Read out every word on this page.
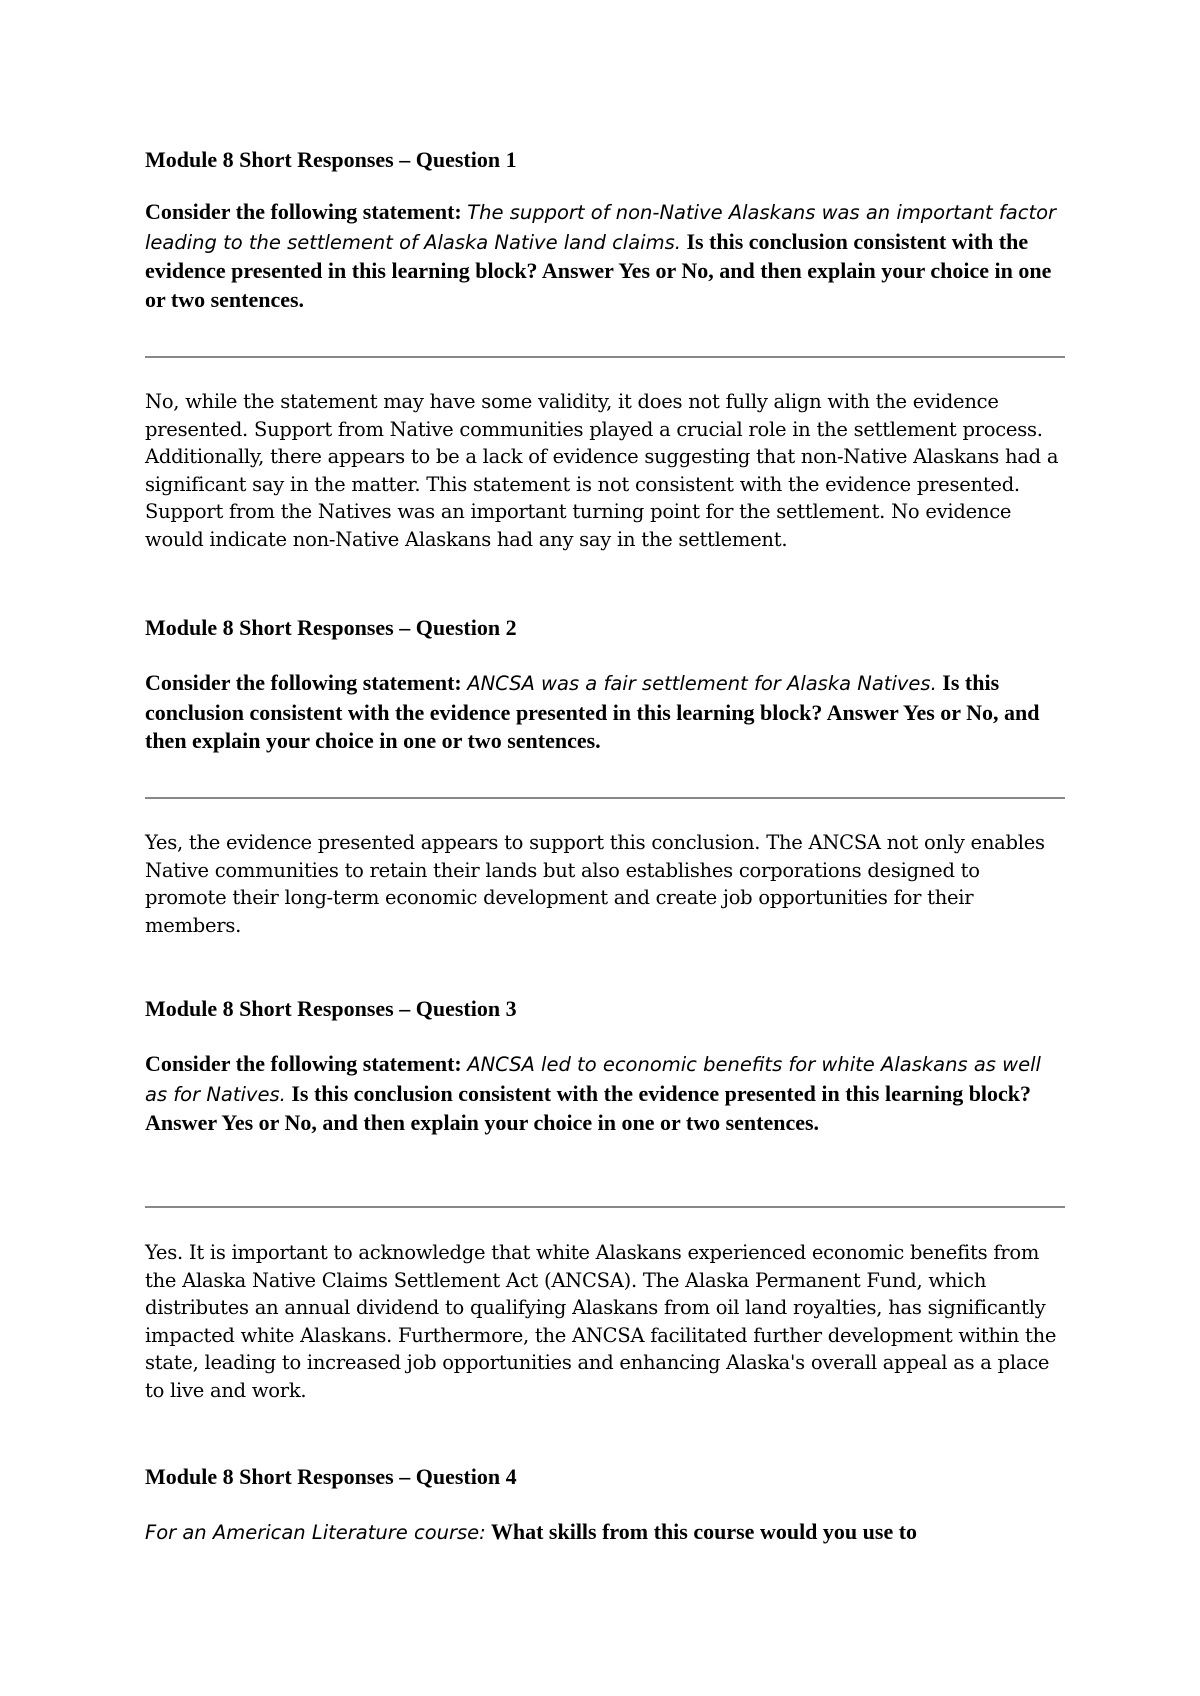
Module 8 Short Responses – Question 1
Consider the following statement: The support of non-Native Alaskans was an important factor leading to the settlement of Alaska Native land claims. Is this conclusion consistent with the evidence presented in this learning block? Answer Yes or No, and then explain your choice in one or two sentences.
No, while the statement may have some validity, it does not fully align with the evidence presented. Support from Native communities played a crucial role in the settlement process. Additionally, there appears to be a lack of evidence suggesting that non-Native Alaskans had a significant say in the matter. This statement is not consistent with the evidence presented. Support from the Natives was an important turning point for the settlement. No evidence would indicate non-Native Alaskans had any say in the settlement.
Module 8 Short Responses – Question 2
Consider the following statement: ANCSA was a fair settlement for Alaska Natives. Is this conclusion consistent with the evidence presented in this learning block? Answer Yes or No, and then explain your choice in one or two sentences.
Yes, the evidence presented appears to support this conclusion. The ANCSA not only enables Native communities to retain their lands but also establishes corporations designed to promote their long-term economic development and create job opportunities for their members.
Module 8 Short Responses – Question 3
Consider the following statement: ANCSA led to economic benefits for white Alaskans as well as for Natives. Is this conclusion consistent with the evidence presented in this learning block? Answer Yes or No, and then explain your choice in one or two sentences.
Yes. It is important to acknowledge that white Alaskans experienced economic benefits from the Alaska Native Claims Settlement Act (ANCSA). The Alaska Permanent Fund, which distributes an annual dividend to qualifying Alaskans from oil land royalties, has significantly impacted white Alaskans. Furthermore, the ANCSA facilitated further development within the state, leading to increased job opportunities and enhancing Alaska's overall appeal as a place to live and work.
Module 8 Short Responses – Question 4
For an American Literature course: What skills from this course would you use to
